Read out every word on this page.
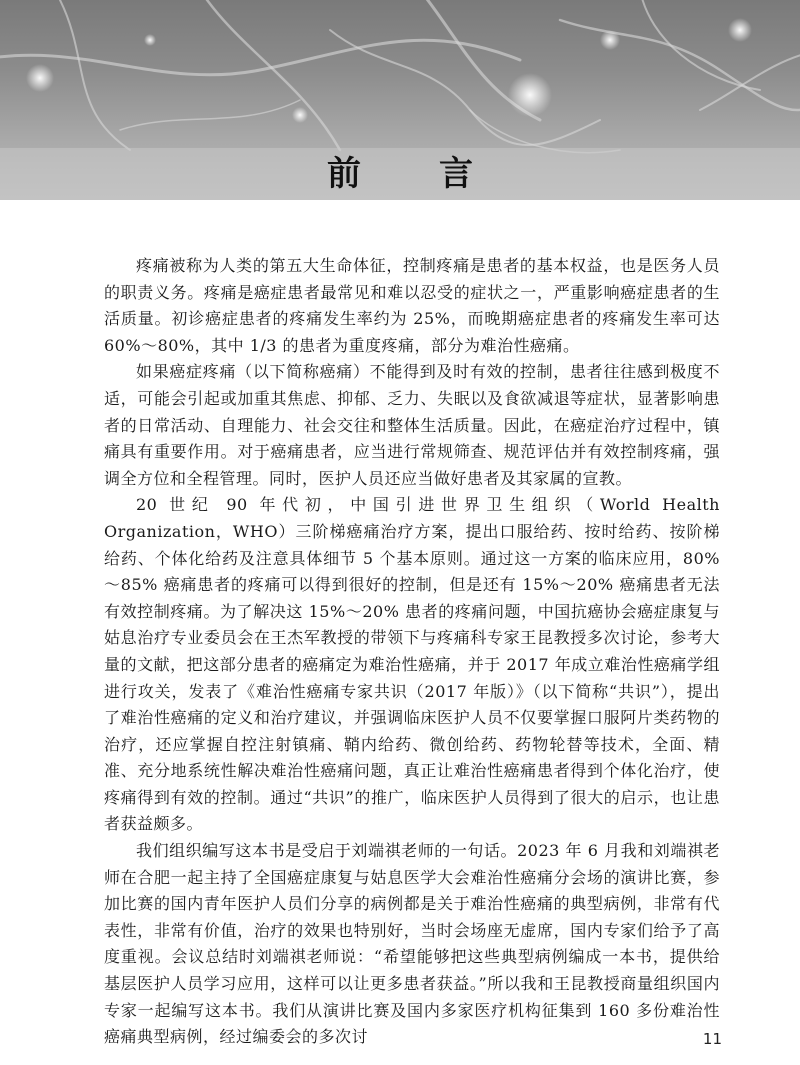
前　言

疼痛被称为人类的第五大生命体征，控制疼痛是患者的基本权益，也是医务人员的职责义务。疼痛是癌症患者最常见和难以忍受的症状之一，严重影响癌症患者的生活质量。初诊癌症患者的疼痛发生率约为 25%，而晚期癌症患者的疼痛发生率可达 60%～80%，其中 1/3 的患者为重度疼痛，部分为难治性癌痛。

如果癌症疼痛（以下简称癌痛）不能得到及时有效的控制，患者往往感到极度不适，可能会引起或加重其焦虑、抑郁、乏力、失眠以及食欲减退等症状，显著影响患者的日常活动、自理能力、社会交往和整体生活质量。因此，在癌症治疗过程中，镇痛具有重要作用。对于癌痛患者，应当进行常规筛查、规范评估并有效控制疼痛，强调全方位和全程管理。同时，医护人员还应当做好患者及其家属的宣教。

20 世纪 90 年代初，中国引进世界卫生组织（World Health Organization，WHO）三阶梯癌痛治疗方案，提出口服给药、按时给药、按阶梯给药、个体化给药及注意具体细节 5 个基本原则。通过这一方案的临床应用，80%～85% 癌痛患者的疼痛可以得到很好的控制，但是还有 15%～20% 癌痛患者无法有效控制疼痛。为了解决这 15%～20% 患者的疼痛问题，中国抗癌协会癌症康复与姑息治疗专业委员会在王杰军教授的带领下与疼痛科专家王昆教授多次讨论，参考大量的文献，把这部分患者的癌痛定为难治性癌痛，并于 2017 年成立难治性癌痛学组进行攻关，发表了《难治性癌痛专家共识（2017 年版）》（以下简称“共识”），提出了难治性癌痛的定义和治疗建议，并强调临床医护人员不仅要掌握口服阿片类药物的治疗，还应掌握自控注射镇痛、鞘内给药、微创给药、药物轮替等技术，全面、精准、充分地系统性解决难治性癌痛问题，真正让难治性癌痛患者得到个体化治疗，使疼痛得到有效的控制。通过“共识”的推广，临床医护人员得到了很大的启示，也让患者获益颇多。

我们组织编写这本书是受启于刘端祺老师的一句话。2023 年 6 月我和刘端祺老师在合肥一起主持了全国癌症康复与姑息医学大会难治性癌痛分会场的演讲比赛，参加比赛的国内青年医护人员们分享的病例都是关于难治性癌痛的典型病例，非常有代表性，非常有价值，治疗的效果也特别好，当时会场座无虚席，国内专家们给予了高度重视。会议总结时刘端祺老师说：“希望能够把这些典型病例编成一本书，提供给基层医护人员学习应用，这样可以让更多患者获益。”所以我和王昆教授商量组织国内专家一起编写这本书。我们从演讲比赛及国内多家医疗机构征集到 160 多份难治性癌痛典型病例，经过编委会的多次讨	11
